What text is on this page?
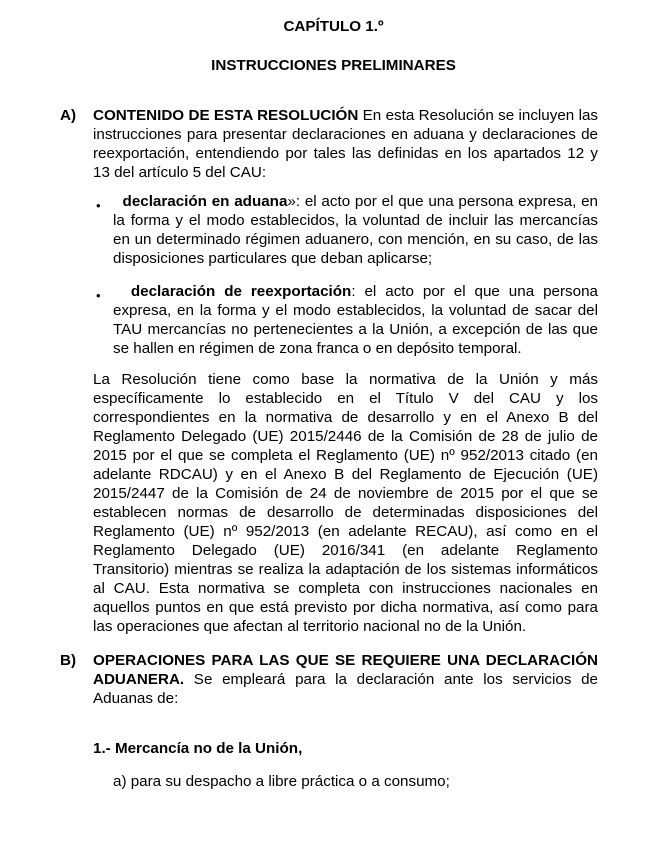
CAPÍTULO 1.º
INSTRUCCIONES PRELIMINARES
A) CONTENIDO DE ESTA RESOLUCIÓN En esta Resolución se incluyen las instrucciones para presentar declaraciones en aduana y declaraciones de reexportación, entendiendo por tales las definidas en los apartados 12 y 13 del artículo 5 del CAU:
•	declaración en aduana»: el acto por el que una persona expresa, en la forma y el modo establecidos, la voluntad de incluir las mercancías en un determinado régimen aduanero, con mención, en su caso, de las disposiciones particulares que deban aplicarse;
•	declaración de reexportación: el acto por el que una persona expresa, en la forma y el modo establecidos, la voluntad de sacar del TAU mercancías no pertenecientes a la Unión, a excepción de las que se hallen en régimen de zona franca o en depósito temporal.
La Resolución tiene como base la normativa de la Unión y más específicamente lo establecido en el Título V del CAU y los correspondientes en la normativa de desarrollo y en el Anexo B del Reglamento Delegado (UE) 2015/2446 de la Comisión de 28 de julio de 2015 por el que se completa el Reglamento (UE) nº 952/2013 citado (en adelante RDCAU) y en el Anexo B del Reglamento de Ejecución (UE) 2015/2447 de la Comisión de 24 de noviembre de 2015 por el que se establecen normas de desarrollo de determinadas disposiciones del Reglamento (UE) nº 952/2013 (en adelante RECAU), así como en el Reglamento Delegado (UE) 2016/341 (en adelante Reglamento Transitorio) mientras se realiza la adaptación de los sistemas informáticos al CAU. Esta normativa se completa con instrucciones nacionales en aquellos puntos en que está previsto por dicha normativa, así como para las operaciones que afectan al territorio nacional no de la Unión.
B) OPERACIONES PARA LAS QUE SE REQUIERE UNA DECLARACIÓN ADUANERA. Se empleará para la declaración ante los servicios de Aduanas de:
1.- Mercancía no de la Unión,
a) para su despacho a libre práctica o a consumo;
